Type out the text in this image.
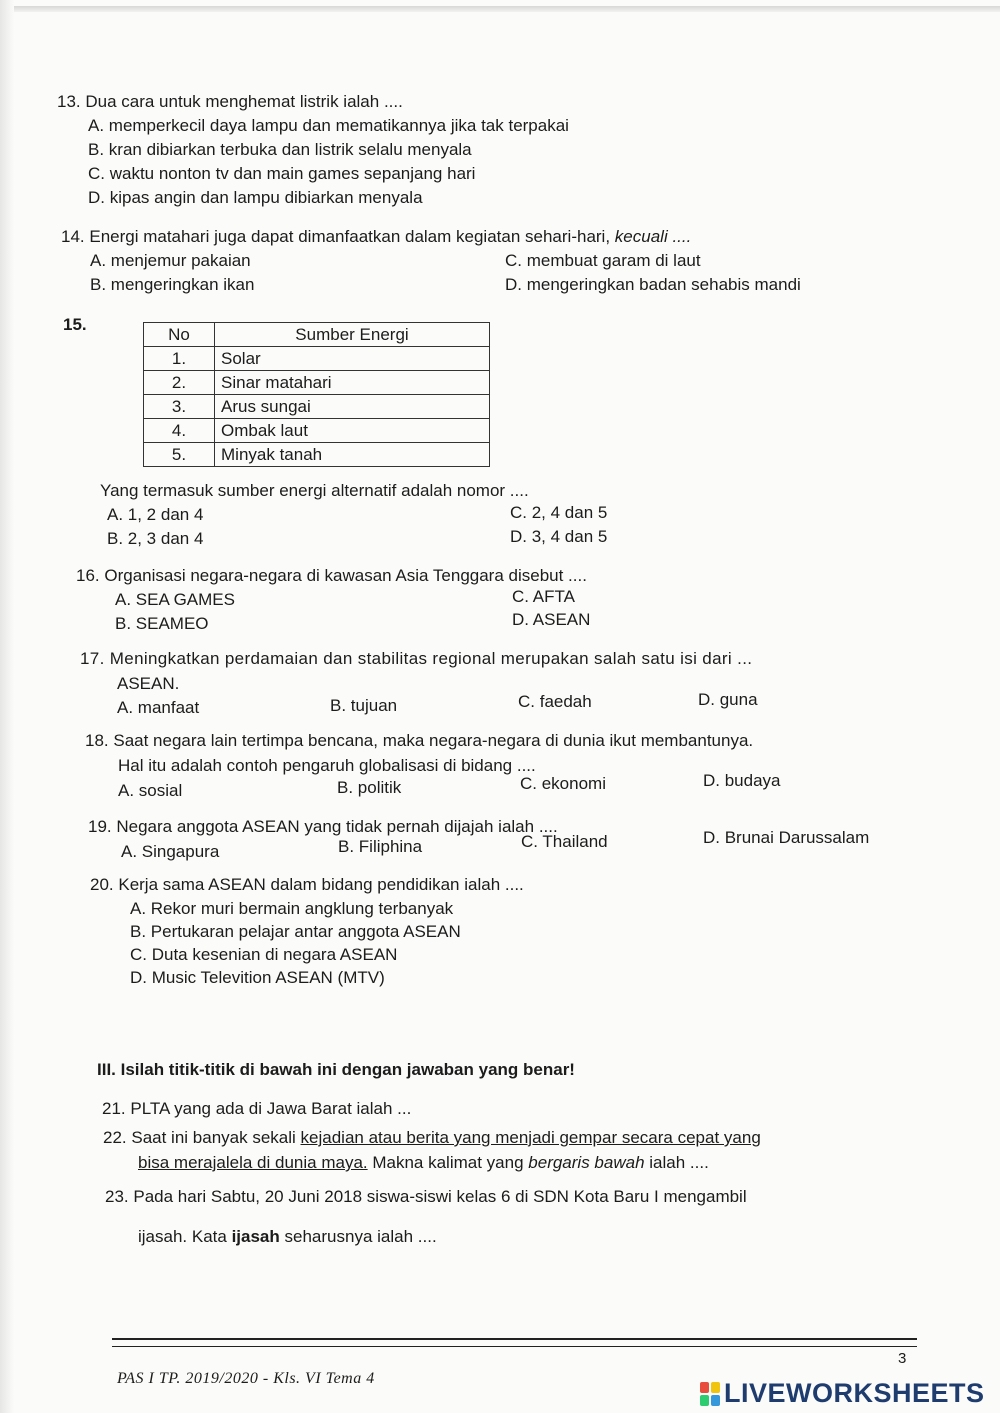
13. Dua cara untuk menghemat listrik ialah ....
A. memperkecil daya lampu dan mematikannya jika tak terpakai
B. kran dibiarkan terbuka dan listrik selalu menyala
C. waktu nonton tv dan main games sepanjang hari
D. kipas angin dan lampu dibiarkan menyala
14. Energi matahari juga dapat dimanfaatkan dalam kegiatan sehari-hari, kecuali ....
A. menjemur pakaian	C. membuat garam di laut
B. mengeringkan ikan	D. mengeringkan badan sehabis mandi
15.	No	Sumber Energi
1.	Solar
2.	Sinar matahari
3.	Arus sungai
4.	Ombak laut
5.	Minyak tanah
Yang termasuk sumber energi alternatif adalah nomor ....
A. 1, 2 dan 4	C. 2, 4 dan 5
B. 2, 3 dan 4	D. 3, 4 dan 5
16. Organisasi negara-negara di kawasan Asia Tenggara disebut ....
A. SEA GAMES	C. AFTA
B. SEAMEO	D. ASEAN
17. Meningkatkan perdamaian dan stabilitas regional merupakan salah satu isi dari ...
ASEAN.
A. manfaat	B. tujuan	C. faedah	D. guna
18. Saat negara lain tertimpa bencana, maka negara-negara di dunia ikut membantunya.
Hal itu adalah contoh pengaruh globalisasi di bidang ....
A. sosial	B. politik	C. ekonomi	D. budaya
19. Negara anggota ASEAN yang tidak pernah dijajah ialah ....
A. Singapura	B. Filiphina	C. Thailand	D. Brunai Darussalam
20. Kerja sama ASEAN dalam bidang pendidikan ialah ....
A. Rekor muri bermain angklung terbanyak
B. Pertukaran pelajar antar anggota ASEAN
C. Duta kesenian di negara ASEAN
D. Music Televition ASEAN (MTV)
III. Isilah titik-titik di bawah ini dengan jawaban yang benar!
21. PLTA yang ada di Jawa Barat ialah ...
22. Saat ini banyak sekali kejadian atau berita yang menjadi gempar secara cepat yang
bisa merajalela di dunia maya. Makna kalimat yang bergaris bawah ialah ....
23. Pada hari Sabtu, 20 Juni 2018 siswa-siswi kelas 6 di SDN Kota Baru I mengambil
ijasah. Kata ijasah seharusnya ialah ....
3
PAS I TP. 2019/2020 - Kls. VI Tema 4	LIVEWORKSHEETS
